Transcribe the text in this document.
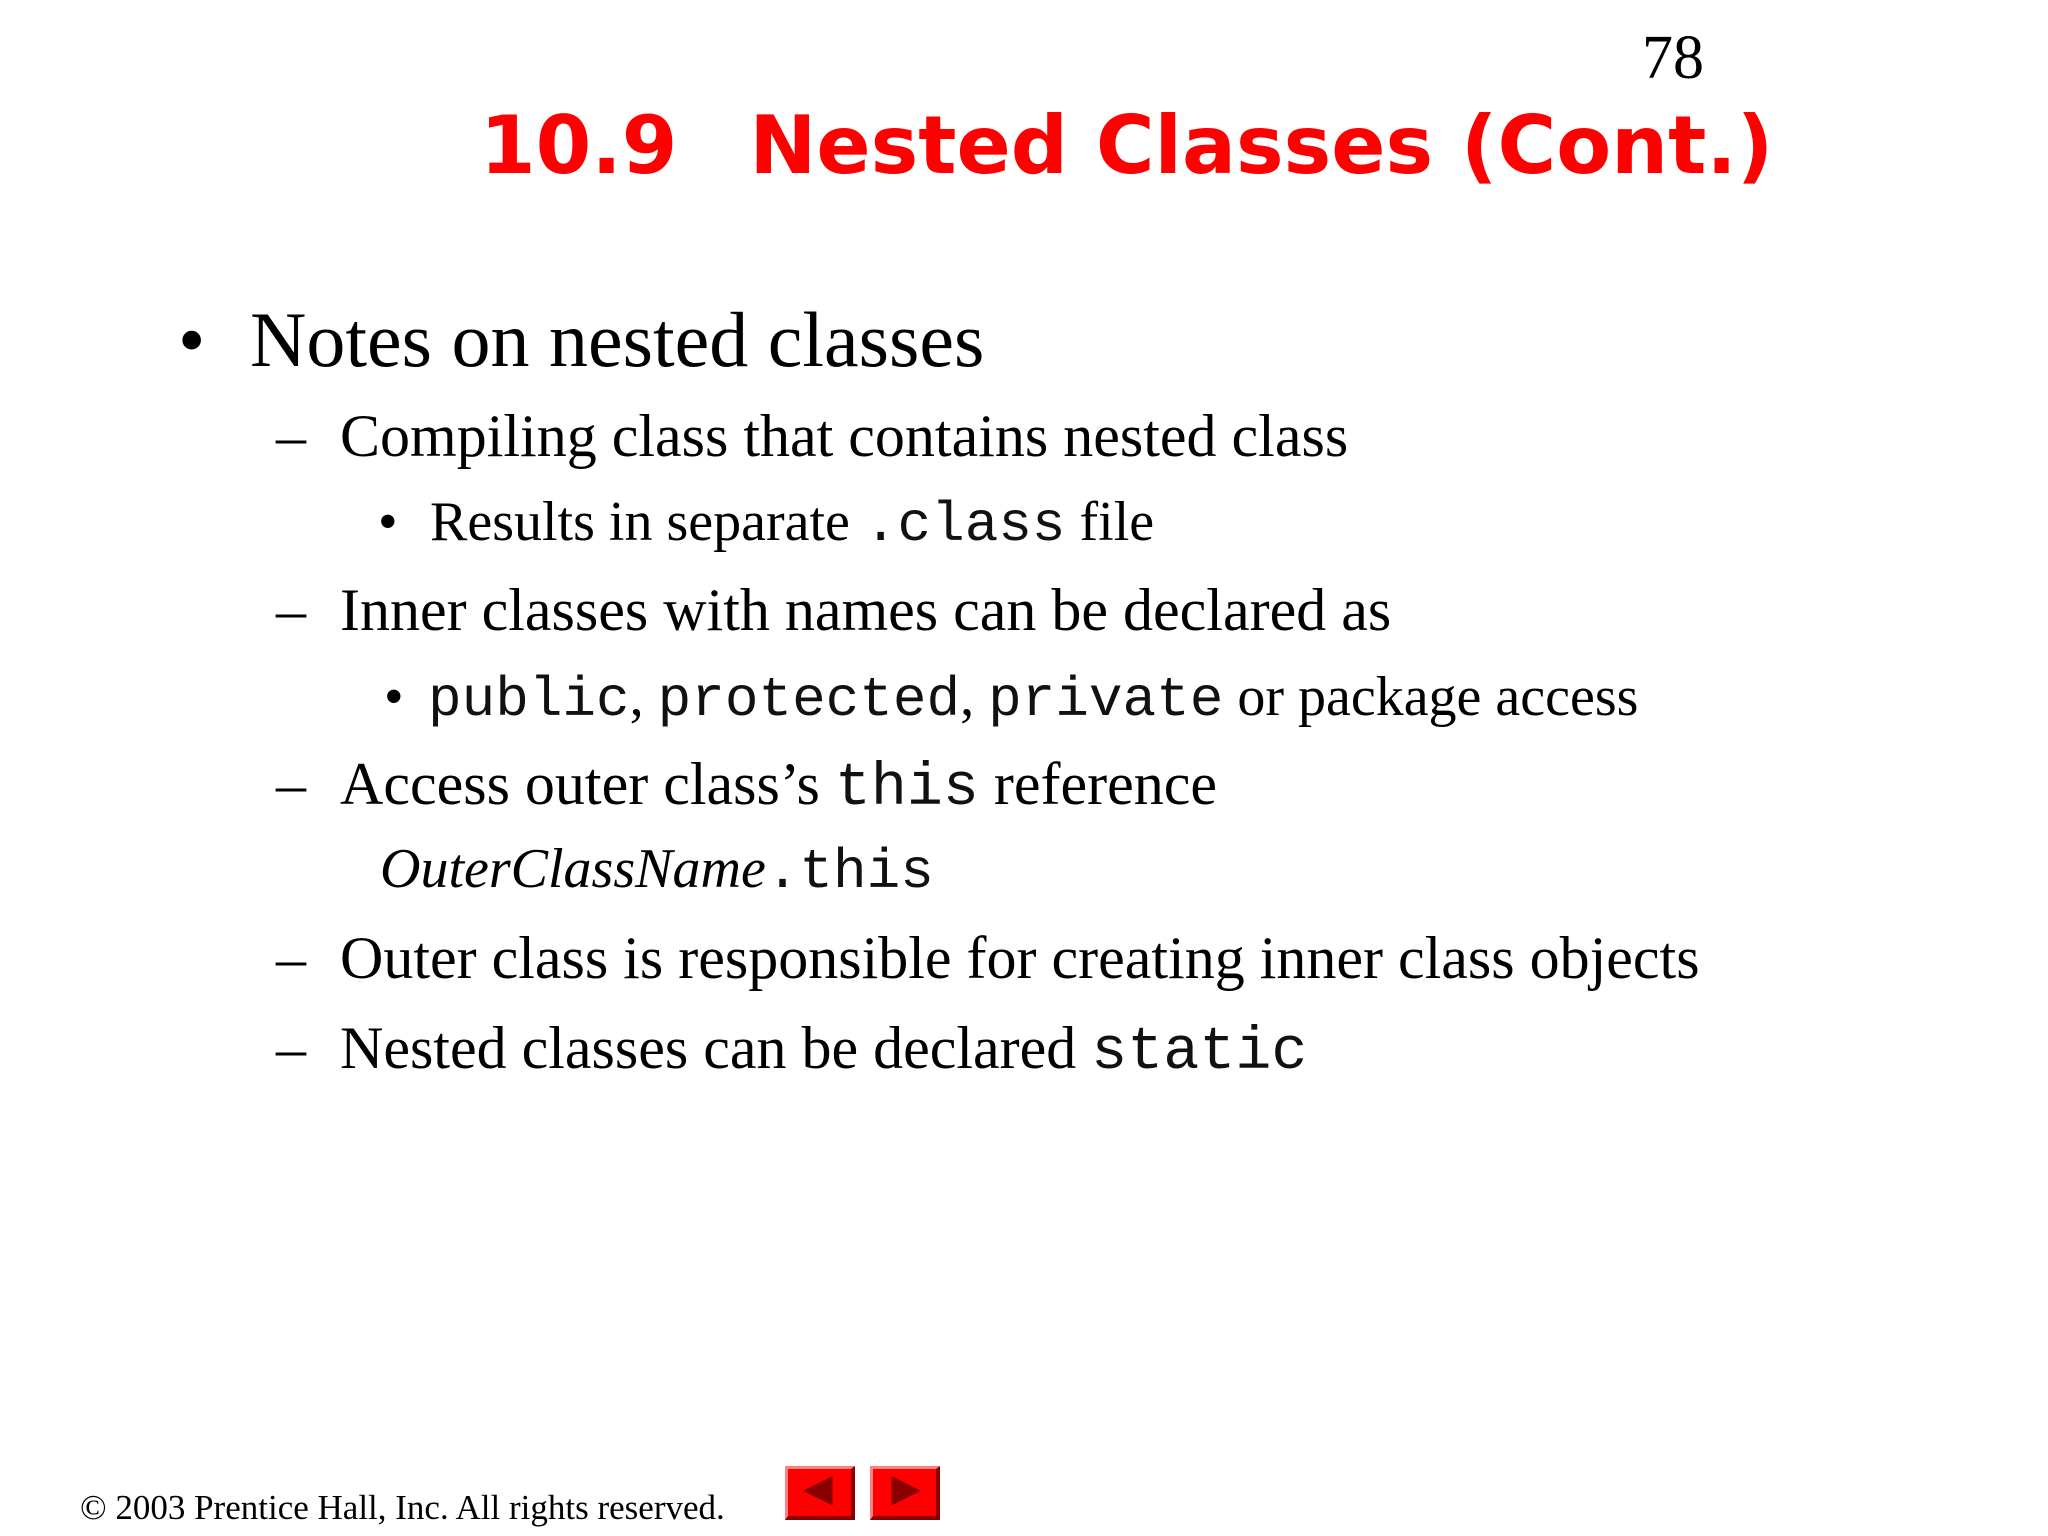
78
10.9 Nested Classes (Cont.)
• Notes on nested classes
– Compiling class that contains nested class
• Results in separate .class file
– Inner classes with names can be declared as
• public, protected, private or package access
– Access outer class’s this reference
OuterClassName.this
– Outer class is responsible for creating inner class objects
– Nested classes can be declared static
© 2003 Prentice Hall, Inc. All rights reserved.
